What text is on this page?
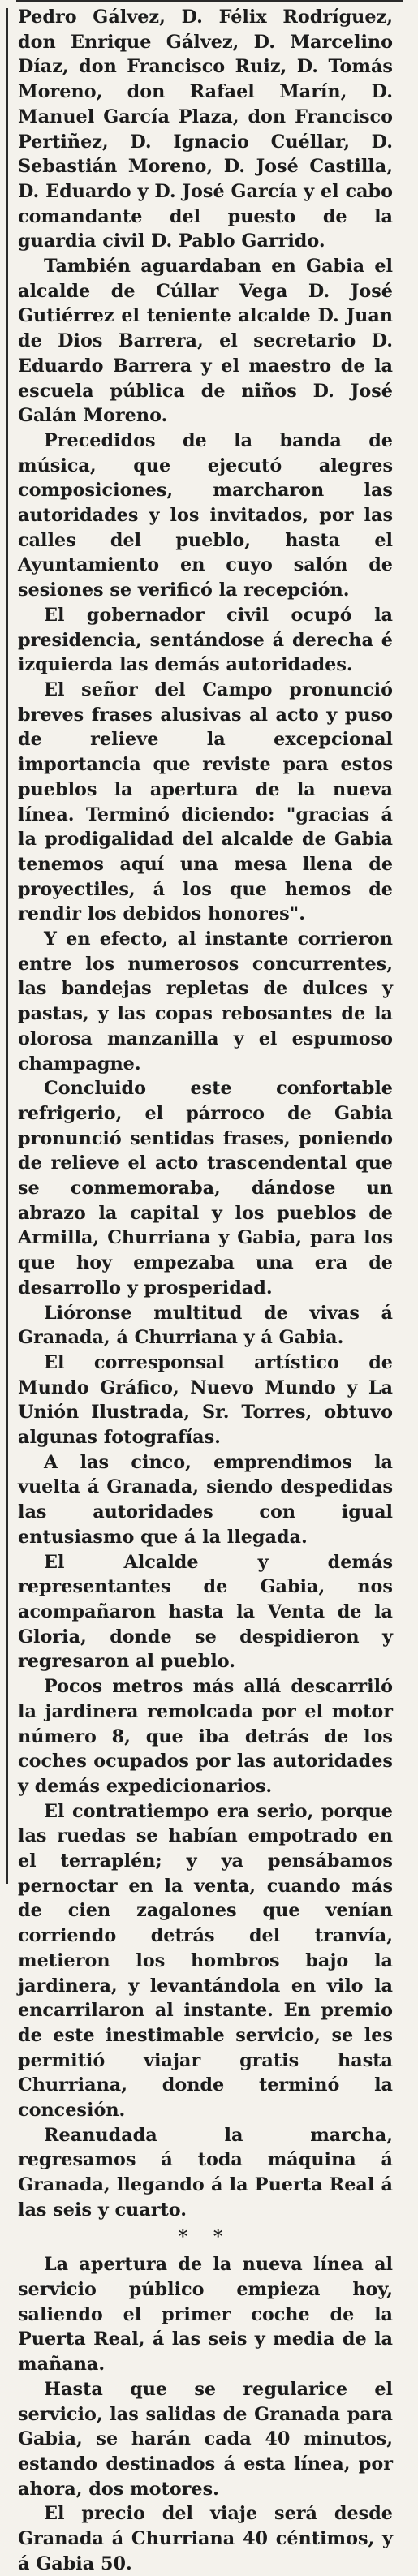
Pedro Gálvez, D. Félix Rodríguez, don Enrique Gálvez, D. Marcelino Díaz, don Francisco Ruiz, D. Tomás Moreno, don Rafael Marín, D. Manuel García Plaza, don Francisco Pertiñez, D. Ignacio Cuéllar, D. Sebastián Moreno, D. José Castilla, D. Eduardo y D. José García y el cabo comandante del puesto de la guardia civil D. Pablo Garrido.

También aguardaban en Gabia el alcalde de Cúllar Vega D. José Gutiérrez el teniente alcalde D. Juan de Dios Barrera, el secretario D. Eduardo Barrera y el maestro de la escuela pública de niños D. José Galán Moreno.

Precedidos de la banda de música, que ejecutó alegres composiciones, marcharon las autoridades y los invitados, por las calles del pueblo, hasta el Ayuntamiento en cuyo salón de sesiones se verificó la recepción.

El gobernador civil ocupó la presidencia, sentándose á derecha é izquierda las demás autoridades.

El señor del Campo pronunció breves frases alusivas al acto y puso de relieve la excepcional importancia que reviste para estos pueblos la apertura de la nueva línea. Terminó diciendo: "gracias á la prodigalidad del alcalde de Gabia tenemos aquí una mesa llena de proyectiles, á los que hemos de rendir los debidos honores".

Y en efecto, al instante corrieron entre los numerosos concurrentes, las bandejas repletas de dulces y pastas, y las copas rebosantes de la olorosa manzanilla y el espumoso champagne.

Concluido este confortable refrigerio, el párroco de Gabia pronunció sentidas frases, poniendo de relieve el acto trascendental que se conmemoraba, dándose un abrazo la capital y los pueblos de Armilla, Churriana y Gabia, para los que hoy empezaba una era de desarrollo y prosperidad.

Lióronse multitud de vivas á Granada, á Churriana y á Gabia.

El corresponsal artístico de Mundo Gráfico, Nuevo Mundo y La Unión Ilustrada, Sr. Torres, obtuvo algunas fotografías.

A las cinco, emprendimos la vuelta á Granada, siendo despedidas las autoridades con igual entusiasmo que á la llegada.

El Alcalde y demás representantes de Gabia, nos acompañaron hasta la Venta de la Gloria, donde se despidieron y regresaron al pueblo.

Pocos metros más allá descarriló la jardinera remolcada por el motor número 8, que iba detrás de los coches ocupados por las autoridades y demás expedicionarios.

El contratiempo era serio, porque las ruedas se habían empotrado en el terraplén; y ya pensábamos pernoctar en la venta, cuando más de cien zagalones que venían corriendo detrás del tranvía, metieron los hombros bajo la jardinera, y levantándola en vilo la encarrilaron al instante. En premio de este inestimable servicio, se les permitió viajar gratis hasta Churriana, donde terminó la concesión.

Reanudada la marcha, regresamos á toda máquina á Granada, llegando á la Puerta Real á las seis y cuarto.

* *

La apertura de la nueva línea al servicio público empieza hoy, saliendo el primer coche de la Puerta Real, á las seis y media de la mañana.

Hasta que se regularice el servicio, las salidas de Granada para Gabia, se harán cada 40 minutos, estando destinados á esta línea, por ahora, dos motores.

El precio del viaje será desde Granada á Churriana 40 céntimos, y á Gabia 50.
